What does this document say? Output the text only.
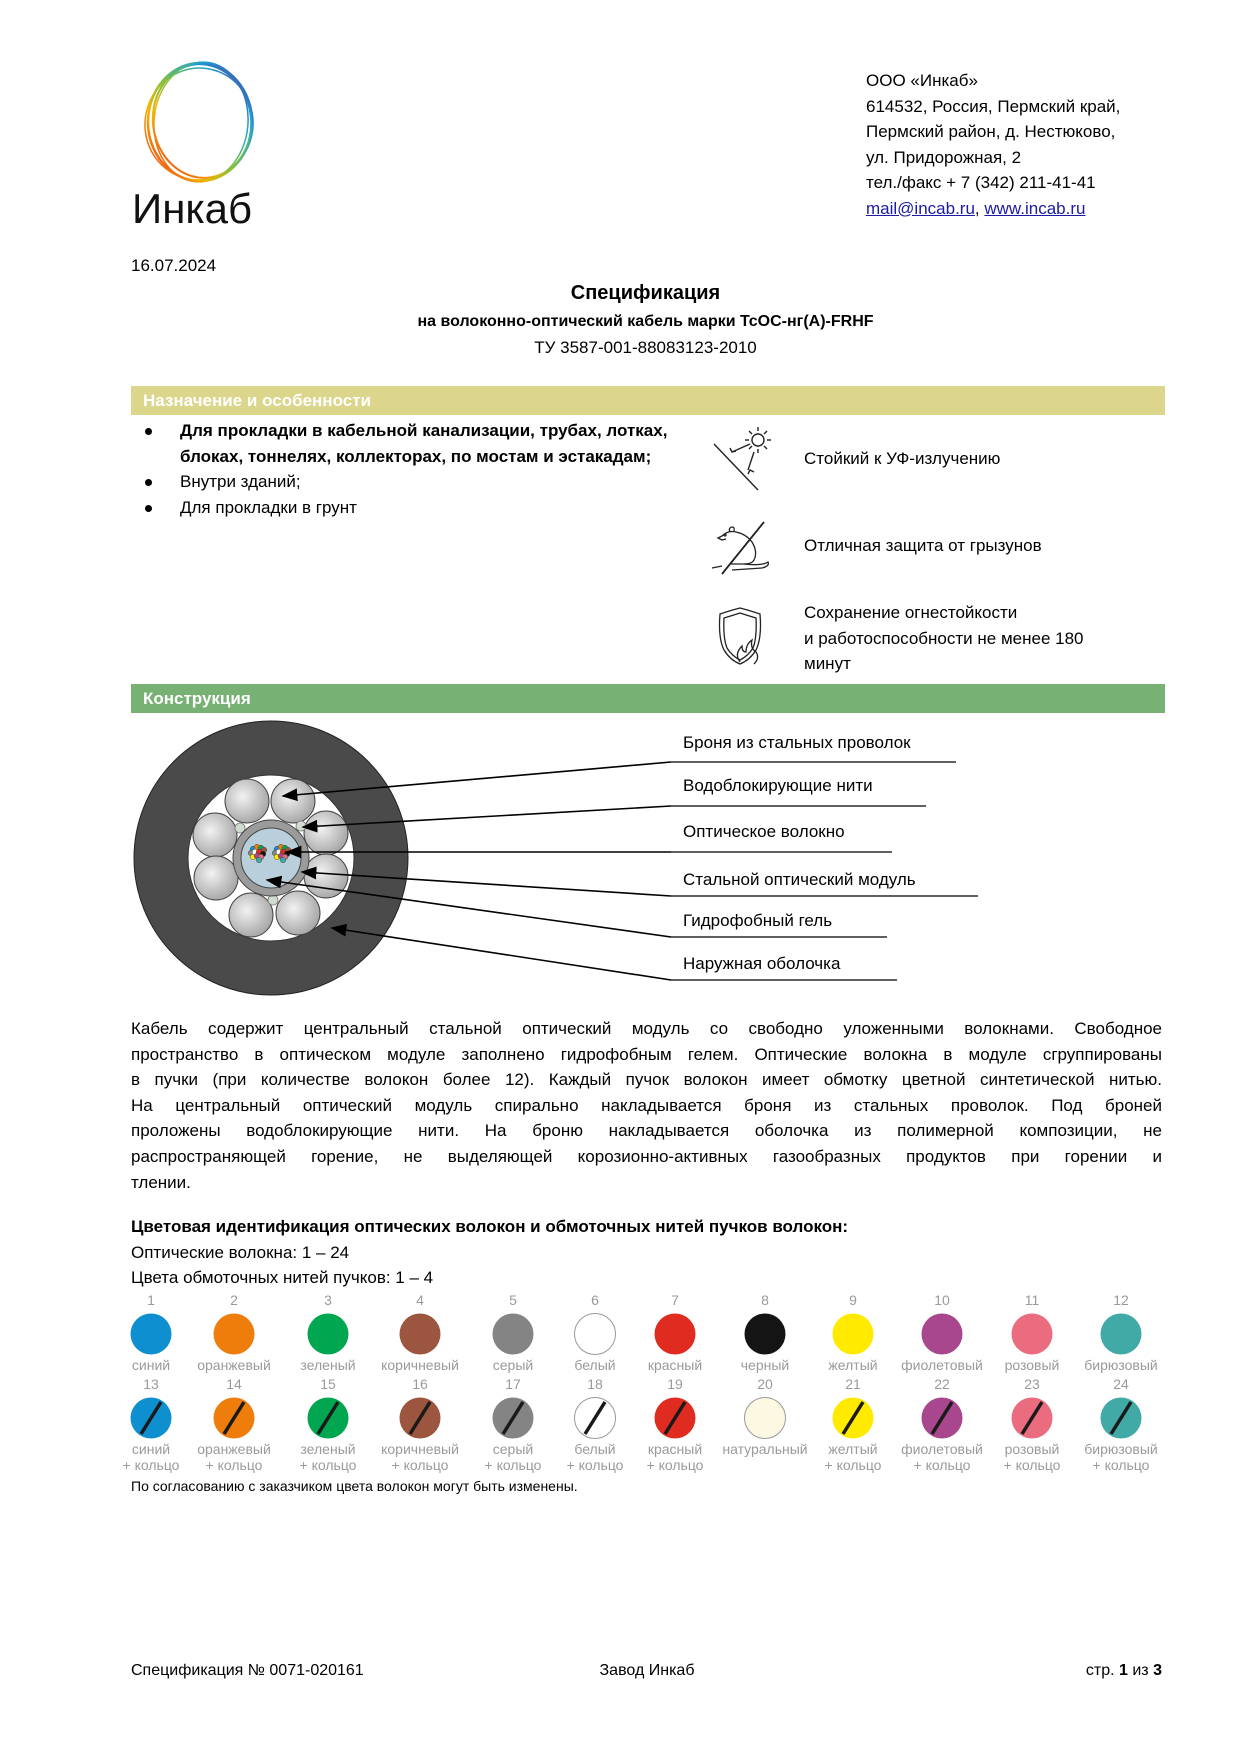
Инкаб
ООО «Инкаб»
614532, Россия, Пермский край,
Пермский район, д. Нестюково,
ул. Придорожная, 2
тел./факс + 7 (342) 211-41-41
mail@incab.ru, www.incab.ru
16.07.2024
Спецификация
на волоконно-оптический кабель марки ТсОС-нг(А)-FRHF
ТУ 3587-001-88083123-2010
Назначение и особенности
Для прокладки в кабельной канализации, трубах, лотках, блоках, тоннелях, коллекторах, по мостам и эстакадам;
Внутри зданий;
Для прокладки в грунт
Стойкий к УФ-излучению
Отличная защита от грызунов
Сохранение огнестойкости
и работоспособности не менее 180
минут
Конструкция
Броня из стальных проволок
Водоблокирующие нити
Оптическое волокно
Стальной оптический модуль
Гидрофобный гель
Наружная оболочка
Кабель содержит центральный стальной оптический модуль со свободно уложенными волокнами. Свободное
пространство в оптическом модуле заполнено гидрофобным гелем. Оптические волокна в модуле сгруппированы
в пучки (при количестве волокон более 12). Каждый пучок волокон имеет обмотку цветной синтетической нитью.
На центральный оптический модуль спирально накладывается броня из стальных проволок. Под броней
проложены водоблокирующие нити. На броню накладывается оболочка из полимерной композиции, не
распространяющей горение, не выделяющей корозионно-активных газообразных продуктов при горении и
тлении.
Цветовая идентификация оптических волокон и обмоточных нитей пучков волокон:
Оптические волокна: 1 – 24
Цвета обмоточных нитей пучков: 1 – 4
1
синий
2
оранжевый
3
зеленый
4
коричневый
5
серый
6
белый
7
красный
8
черный
9
желтый
10
фиолетовый
11
розовый
12
бирюзовый
13
синий
+ кольцо
14
оранжевый
+ кольцо
15
зеленый
+ кольцо
16
коричневый
+ кольцо
17
серый
+ кольцо
18
белый
+ кольцо
19
красный
+ кольцо
20
натуральный
21
желтый
+ кольцо
22
фиолетовый
+ кольцо
23
розовый
+ кольцо
24
бирюзовый
+ кольцо
По согласованию с заказчиком цвета волокон могут быть изменены.
Спецификация № 0071-020161	Завод Инкаб	стр. 1 из 3
